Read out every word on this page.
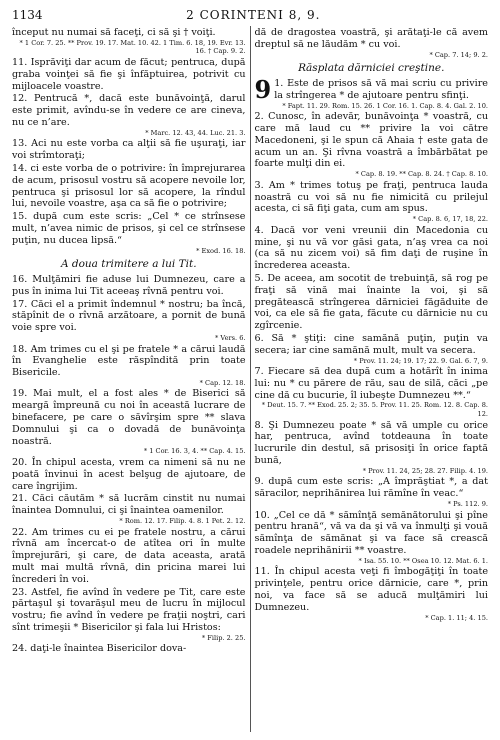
1134	2 CORINTENI 8, 9.

început nu numai să faceţi, ci să şi † voiţi.

* 1 Cor. 7. 25. ** Prov. 19. 17. Mat. 10. 42. 1 Tim. 6. 18, 19. Evr. 13. 16. † Cap. 9. 2.

11. Isprăviţi dar acum de făcut; pentruca, după graba voinţei să fie şi înfăptuirea, potrivit cu mijloacele voastre.

12. Pentrucă *, dacă este bunăvoinţă, darul este primit, avîndu-se în vedere ce are cineva, nu ce n’are.

* Marc. 12. 43, 44. Luc. 21. 3.

13. Aci nu este vorba ca alţii să fie uşuraţi, iar voi strîmtoraţi;

14. ci este vorba de o potrivire: în împrejurarea de acum, prisosul vostru să acopere nevoile lor, pentruca şi prisosul lor să acopere, la rîndul lui, nevoile voastre, aşa ca să fie o potrivire;

15. după cum este scris: „Cel * ce strînsese mult, n’avea nimic de prisos, şi cel ce strînsese puţin, nu ducea lipsă.“

* Exod. 16. 18.

A doua trimitere a lui Tit.

16. Mulţămiri fie aduse lui Dumnezeu, care a pus în inima lui Tit aceeaş rîvnă pentru voi.

17. Căci el a primit îndemnul * nostru; ba încă, stăpînit de o rîvnă arzătoare, a pornit de bună voie spre voi.

* Vers. 6.

18. Am trimes cu el şi pe fratele * a cărui laudă în Evanghelie este răspîndită prin toate Bisericile.

* Cap. 12. 18.

19. Mai mult, el a fost ales * de Biserici să meargă împreună cu noi în această lucrare de binefacere, pe care o săvîrşim spre ** slava Domnului şi ca o dovadă de bunăvoinţa noastră.

* 1 Cor. 16. 3, 4. ** Cap. 4. 15.

20. În chipul acesta, vrem ca nimeni să nu ne poată învinui în acest belşug de ajutoare, de care îngrijim.

21. Căci căutăm * să lucrăm cinstit nu numai înaintea Domnului, ci şi înaintea oamenilor.

* Rom. 12. 17. Filip. 4. 8. 1 Pet. 2. 12.

22. Am trimes cu ei pe fratele nostru, a cărui rîvnă am încercat-o de atîtea ori în multe împrejurări, şi care, de data aceasta, arată mult mai multă rîvnă, din pricina marei lui încrederi în voi.

23. Astfel, fie avînd în vedere pe Tit, care este părtaşul şi tovarăşul meu de lucru în mijlocul vostru; fie avînd în vedere pe fraţii noştri, cari sînt trimeşii * Bisericilor şi fala lui Hristos:

* Filip. 2. 25.

24. daţi-le înaintea Bisericilor dova-

dă de dragostea voastră, şi arătaţi-le că avem dreptul să ne lăudăm * cu voi.

* Cap. 7. 14; 9. 2.

Răsplata dărniciei creştine.

9 1. Este de prisos să vă mai scriu cu privire la strîngerea * de ajutoare pentru sfinţi.

* Fapt. 11. 29. Rom. 15. 26. 1 Cor. 16. 1. Cap. 8. 4. Gal. 2. 10.

2. Cunosc, în adevăr, bunăvoinţa * voastră, cu care mă laud cu ** privire la voi către Macedoneni, şi le spun că Ahaia † este gata de acum un an. Şi rîvna voastră a îmbărbătat pe foarte mulţi din ei.

* Cap. 8. 19. ** Cap. 8. 24. † Cap. 8. 10.

3. Am * trimes totuş pe fraţi, pentruca lauda noastră cu voi să nu fie nimicită cu prilejul acesta, ci să fiţi gata, cum am spus.

* Cap. 8. 6, 17, 18, 22.

4. Dacă vor veni vreunii din Macedonia cu mine, şi nu vă vor găsi gata, n’aş vrea ca noi (ca să nu zicem voi) să fim daţi de ruşine în încrederea aceasta.

5. De aceea, am socotit de trebuinţă, să rog pe fraţi să vină mai înainte la voi, şi să pregătească strîngerea dărniciei făgăduite de voi, ca ele să fie gata, făcute cu dărnicie nu cu zgîrcenie.

6. Să * ştiţi: cine samănă puţin, puţin va secera; iar cine samănă mult, mult va secera.

* Prov. 11. 24; 19. 17; 22. 9. Gal. 6. 7, 9.

7. Fiecare să dea după cum a hotărît în inima lui: nu * cu părere de rău, sau de silă, căci „pe cine dă cu bucurie, îl iubeşte Dumnezeu **.“

* Deut. 15. 7. ** Exod. 25. 2; 35. 5. Prov. 11. 25. Rom. 12. 8. Cap. 8. 12.

8. Şi Dumnezeu poate * să vă umple cu orice har, pentruca, avînd totdeauna în toate lucrurile din destul, să prisosiţi în orice faptă bună,

* Prov. 11. 24, 25; 28. 27. Filip. 4. 19.

9. după cum este scris: „A împrăştiat *, a dat săracilor, neprihănirea lui rămîne în veac.“

* Ps. 112. 9.

10. „Cel ce dă * sămînţă semănătorului şi pîne pentru hrană“, vă va da şi vă va înmulţi şi vouă sămînţa de sămănat şi va face să crească roadele neprihănirii ** voastre.

* Isa. 55. 10. ** Osea 10. 12. Mat. 6. 1.

11. În chipul acesta veţi fi îmbogăţiţi în toate privinţele, pentru orice dărnicie, care *, prin noi, va face să se aducă mulţămiri lui Dumnezeu.

* Cap. 1. 11; 4. 15.
